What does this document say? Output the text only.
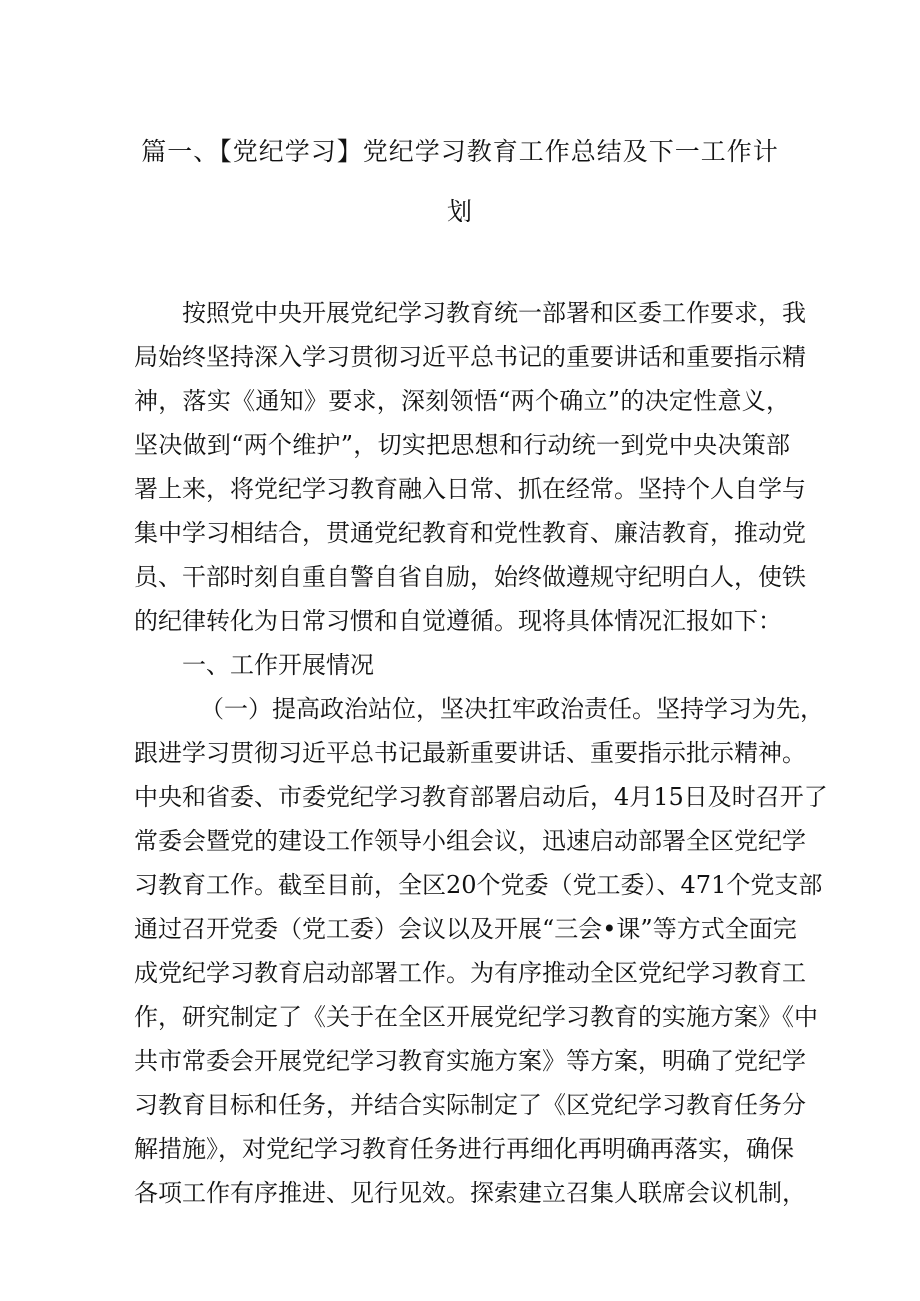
篇一、【党纪学习】党纪学习教育工作总结及下一工作计
划
按照党中央开展党纪学习教育统一部署和区委工作要求，我
局始终坚持深入学习贯彻习近平总书记的重要讲话和重要指示精
神，落实《通知》要求，深刻领悟“两个确立”的决定性意义，
坚决做到“两个维护”，切实把思想和行动统一到党中央决策部
署上来，将党纪学习教育融入日常、抓在经常。坚持个人自学与
集中学习相结合，贯通党纪教育和党性教育、廉洁教育，推动党
员、干部时刻自重自警自省自励，始终做遵规守纪明白人，使铁
的纪律转化为日常习惯和自觉遵循。现将具体情况汇报如下：
一、工作开展情况
（一）提高政治站位，坚决扛牢政治责任。坚持学习为先，
跟进学习贯彻习近平总书记最新重要讲话、重要指示批示精神。
中央和省委、市委党纪学习教育部署启动后，4月15日及时召开了
常委会暨党的建设工作领导小组会议，迅速启动部署全区党纪学
习教育工作。截至目前，全区20个党委（党工委）、471个党支部
通过召开党委（党工委）会议以及开展“三会•课”等方式全面完
成党纪学习教育启动部署工作。为有序推动全区党纪学习教育工
作，研究制定了《关于在全区开展党纪学习教育的实施方案》《中
共市常委会开展党纪学习教育实施方案》等方案，明确了党纪学
习教育目标和任务，并结合实际制定了《区党纪学习教育任务分
解措施》，对党纪学习教育任务进行再细化再明确再落实，确保
各项工作有序推进、见行见效。探索建立召集人联席会议机制，
